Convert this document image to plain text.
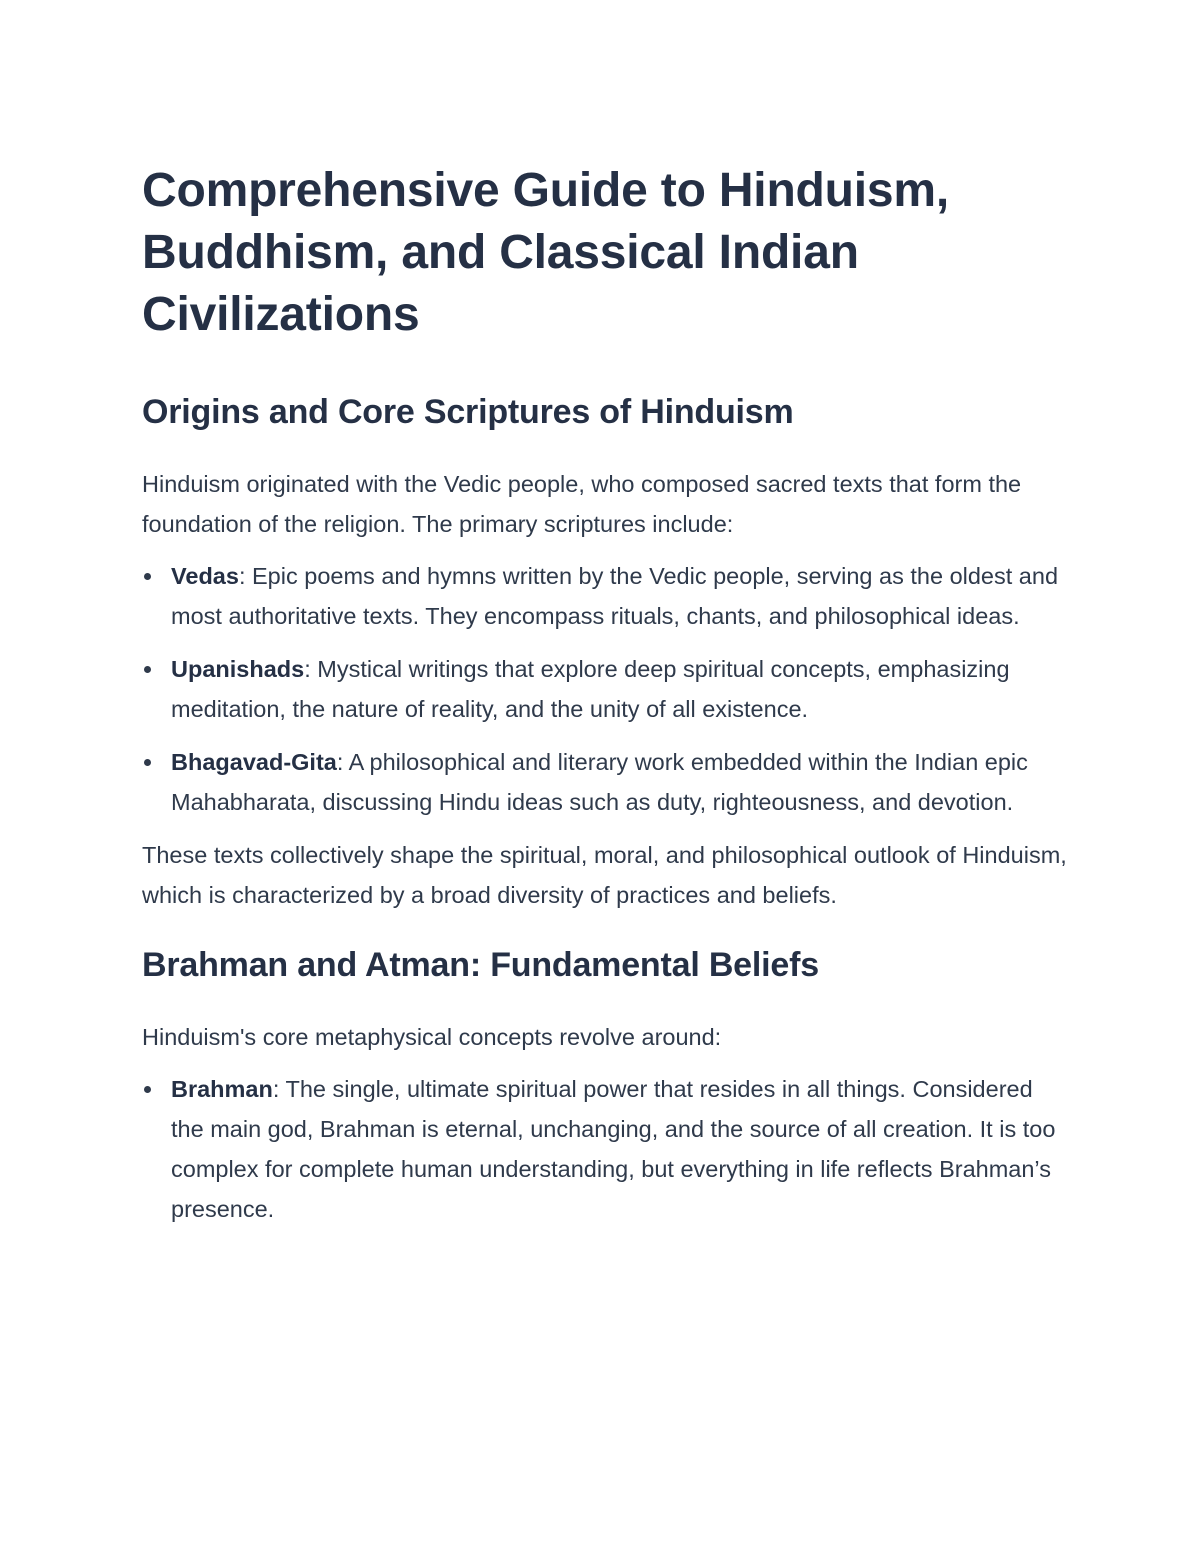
Comprehensive Guide to Hinduism, Buddhism, and Classical Indian Civilizations
Origins and Core Scriptures of Hinduism

Hinduism originated with the Vedic people, who composed sacred texts that form the foundation of the religion. The primary scriptures include:

Vedas: Epic poems and hymns written by the Vedic people, serving as the oldest and most authoritative texts. They encompass rituals, chants, and philosophical ideas.
Upanishads: Mystical writings that explore deep spiritual concepts, emphasizing meditation, the nature of reality, and the unity of all existence.
Bhagavad-Gita: A philosophical and literary work embedded within the Indian epic Mahabharata, discussing Hindu ideas such as duty, righteousness, and devotion.

These texts collectively shape the spiritual, moral, and philosophical outlook of Hinduism, which is characterized by a broad diversity of practices and beliefs.

Brahman and Atman: Fundamental Beliefs

Hinduism's core metaphysical concepts revolve around:

Brahman: The single, ultimate spiritual power that resides in all things. Considered the main god, Brahman is eternal, unchanging, and the source of all creation. It is too complex for complete human understanding, but everything in life reflects Brahman’s presence.
